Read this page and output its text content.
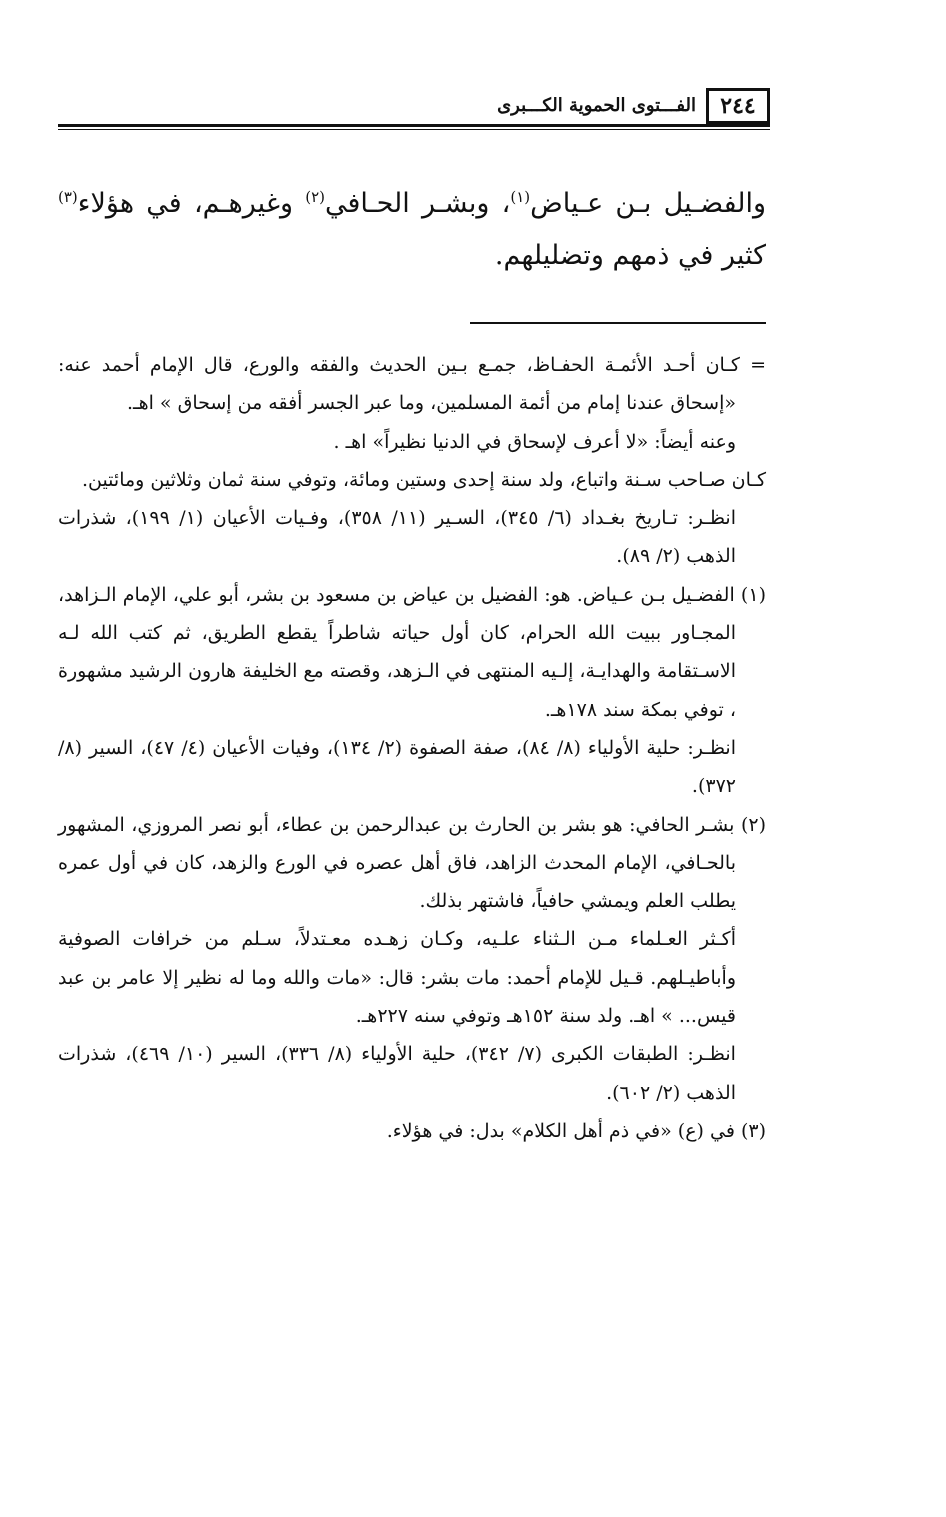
٢٤٤
الفـــتوى الحموية الكـــبرى

والفضـيل بـن عـياض$^{(١)}$، وبشـر الحـافي$^{(٢)}$ وغيرهـم، في هؤلاء$^{(٣)}$ كثير في ذمهم وتضليلهم.

= كـان أحـد الأئمـة الحفـاظ، جمـع بـين الحديث والفقه والورع، قال الإمام أحمد عنه: «إسحاق عندنا إمام من أئمة المسلمين، وما عبر الجسر أفقه من إسحاق » اهـ.

وعنه أيضاً: «لا أعرف لإسحاق في الدنيا نظيراً» اهـ .

كـان صـاحب سـنة واتباع، ولد سنة إحدى وستين ومائة، وتوفي سنة ثمان وثلاثين ومائتين.

انظـر: تـاريخ بغـداد (٦/ ٣٤٥)، السـير (١١/ ٣٥٨)، وفـيات الأعيان (١/ ١٩٩)، شذرات الذهب (٢/ ٨٩).

(١) الفضـيل بـن عـياض. هو: الفضيل بن عياض بن مسعود بن بشر، أبو علي، الإمام الـزاهد، المجـاور ببيت الله الحرام، كان أول حياته شاطراً يقطع الطريق، ثم كتب الله لـه الاسـتقامة والهدايـة، إلـيه المنتهى في الـزهد، وقصته مع الخليفة هارون الرشيد مشهورة ، توفي بمكة سند ١٧٨هـ.

انظـر: حلية الأولياء (٨/ ٨٤)، صفة الصفوة (٢/ ١٣٤)، وفيات الأعيان (٤/ ٤٧)، السير (٨/ ٣٧٢).

(٢) بشـر الحافي: هو بشر بن الحارث بن عبدالرحمن بن عطاء، أبو نصر المروزي، المشهور بالحـافي، الإمام المحدث الزاهد، فاق أهل عصره في الورع والزهد، كان في أول عمره يطلب العلم ويمشي حافياً، فاشتهر بذلك.

أكـثر العـلماء مـن الـثناء علـيه، وكـان زهـده معـتدلاً، سـلم من خرافات الصوفية وأباطيـلهم. قـيل للإمام أحمد: مات بشر: قال: «مات والله وما له نظير إلا عامر بن عبد قيس... » اهـ. ولد سنة ١٥٢هـ وتوفي سنه ٢٢٧هـ.

انظـر: الطبقات الكبرى (٧/ ٣٤٢)، حلية الأولياء (٨/ ٣٣٦)، السير (١٠/ ٤٦٩)، شذرات الذهب (٢/ ٦٠٢).

(٣) في (ع) «في ذم أهل الكلام» بدل: في هؤلاء.
